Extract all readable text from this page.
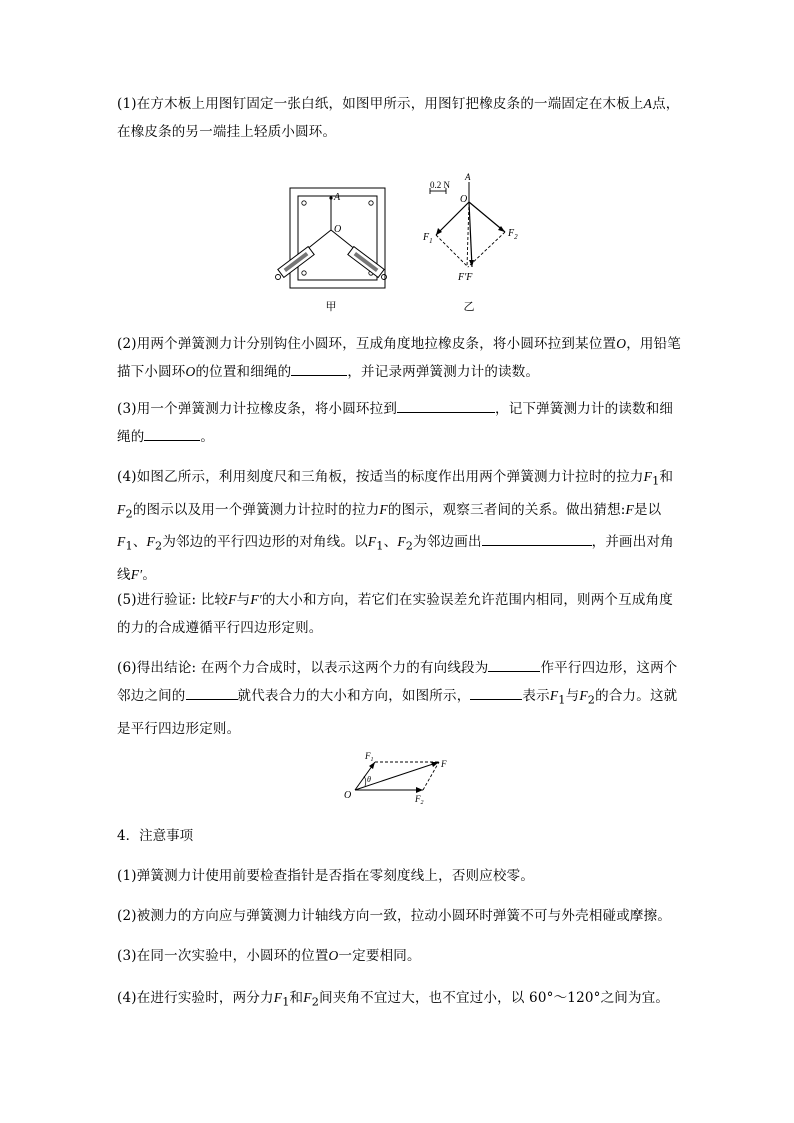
(1)在方木板上用图钉固定一张白纸，如图甲所示，用图钉把橡皮条的一端固定在木板上A点，在橡皮条的另一端挂上轻质小圆环。

A
O
甲
0.2 N
A
O
$F_1$
$F_2$
F′F
乙

(2)用两个弹簧测力计分别钩住小圆环，互成角度地拉橡皮条，将小圆环拉到某位置O，用铅笔描下小圆环O的位置和细绳的	，并记录两弹簧测力计的读数。

(3)用一个弹簧测力计拉橡皮条，将小圆环拉到	，记下弹簧测力计的读数和细绳的	。

(4)如图乙所示，利用刻度尺和三角板，按适当的标度作出用两个弹簧测力计拉时的拉力$F_1$和$F_2$的图示以及用一个弹簧测力计拉时的拉力F的图示，观察三者间的关系。做出猜想:F是以$F_1$、$F_2$为邻边的平行四边形的对角线。以$F_1$、$F_2$为邻边画出	，并画出对角线F′。

(5)进行验证: 比较F与F′的大小和方向，若它们在实验误差允许范围内相同，则两个互成角度的力的合成遵循平行四边形定则。

(6)得出结论: 在两个力合成时，以表示这两个力的有向线段为	作平行四边形，这两个邻边之间的	就代表合力的大小和方向，如图所示，	表示$F_1$与$F_2$的合力。这就是平行四边形定则。

$F_1$	F
θ
O	$F_2$

4．注意事项

(1)弹簧测力计使用前要检查指针是否指在零刻度线上，否则应校零。

(2)被测力的方向应与弹簧测力计轴线方向一致，拉动小圆环时弹簧不可与外壳相碰或摩擦。

(3)在同一次实验中，小圆环的位置O一定要相同。

(4)在进行实验时，两分力$F_1$和$F_2$间夹角不宜过大，也不宜过小，以 60°～120°之间为宜。
